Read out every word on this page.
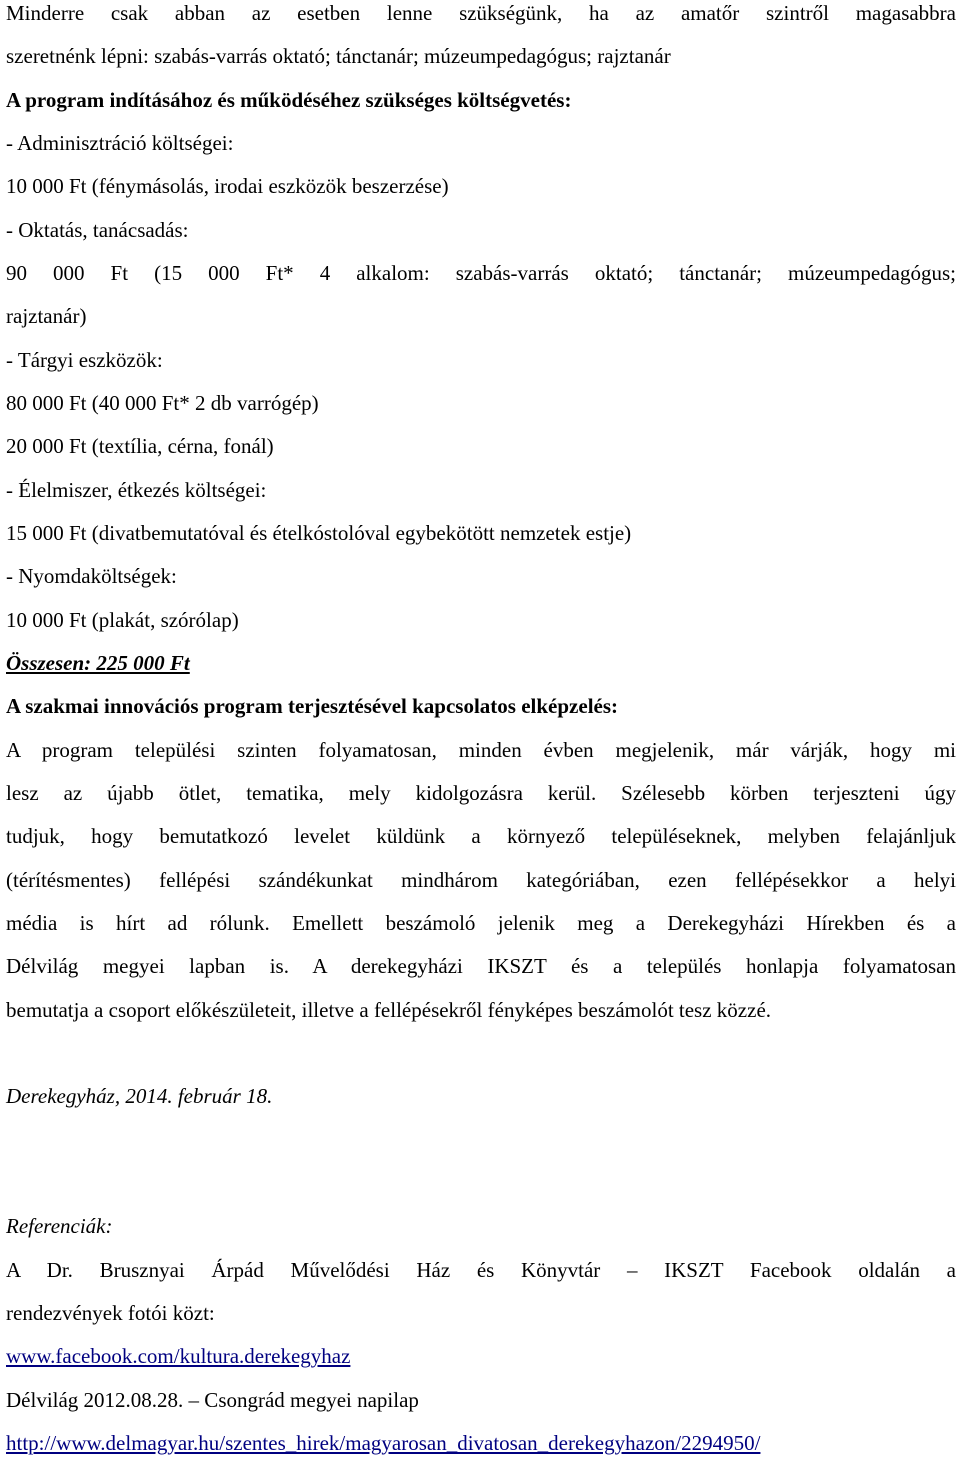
Minderre csak abban az esetben lenne szükségünk, ha az amatőr szintről magasabbra
szeretnénk lépni: szabás-varrás oktató; tánctanár; múzeumpedagógus; rajztanár
A program indításához és működéséhez szükséges költségvetés:
- Adminisztráció költségei:
10 000 Ft (fénymásolás, irodai eszközök beszerzése)
- Oktatás, tanácsadás:
90 000 Ft (15 000 Ft* 4 alkalom: szabás-varrás oktató; tánctanár; múzeumpedagógus;
rajztanár)
- Tárgyi eszközök:
80 000 Ft (40 000 Ft* 2 db varrógép)
20 000 Ft (textília, cérna, fonál)
- Élelmiszer, étkezés költségei:
15 000 Ft (divatbemutatóval és ételkóstolóval egybekötött nemzetek estje)
- Nyomdaköltségek:
10 000 Ft (plakát, szórólap)
Összesen: 225 000 Ft
A szakmai innovációs program terjesztésével kapcsolatos elképzelés:
A program települési szinten folyamatosan, minden évben megjelenik, már várják, hogy mi
lesz az újabb ötlet, tematika, mely kidolgozásra kerül. Szélesebb körben terjeszteni úgy
tudjuk, hogy bemutatkozó levelet küldünk a környező településeknek, melyben felajánljuk
(térítésmentes) fellépési szándékunkat mindhárom kategóriában, ezen fellépésekkor a helyi
média is hírt ad rólunk. Emellett beszámoló jelenik meg a Derekegyházi Hírekben és a
Délvilág megyei lapban is. A derekegyházi IKSZT és a település honlapja folyamatosan
bemutatja a csoport előkészületeit, illetve a fellépésekről fényképes beszámolót tesz közzé.
Derekegyház, 2014. február 18.
Referenciák:
A Dr. Brusznyai Árpád Művelődési Ház és Könyvtár – IKSZT Facebook oldalán a
rendezvények fotói közt:
www.facebook.com/kultura.derekegyhaz
Délvilág 2012.08.28. – Csongrád megyei napilap
http://www.delmagyar.hu/szentes_hirek/magyarosan_divatosan_derekegyhazon/2294950/
